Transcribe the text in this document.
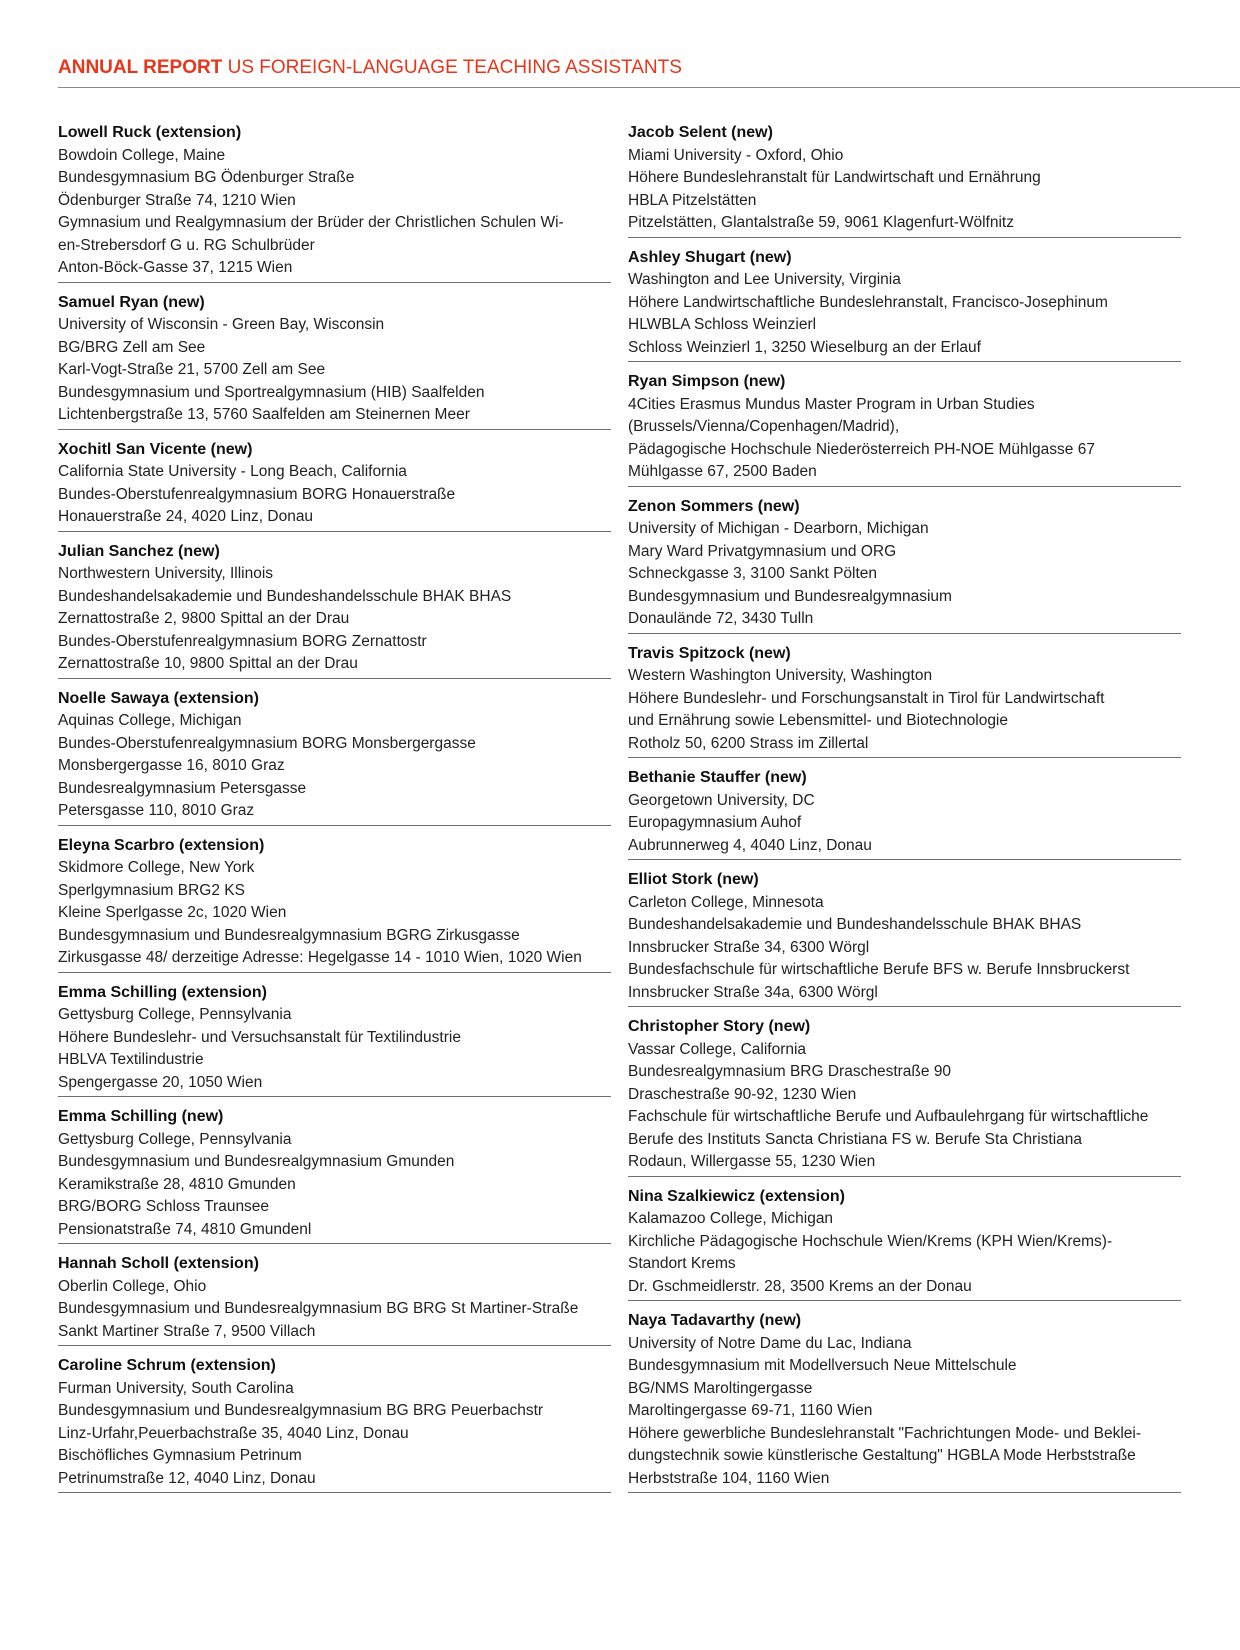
ANNUAL REPORT US FOREIGN-LANGUAGE TEACHING ASSISTANTS
Lowell Ruck (extension)
Bowdoin College, Maine
Bundesgymnasium BG Ödenburger Straße
Ödenburger Straße 74, 1210 Wien
Gymnasium und Realgymnasium der Brüder der Christlichen Schulen Wi-
en-Strebersdorf G u. RG Schulbrüder
Anton-Böck-Gasse 37, 1215 Wien
Samuel Ryan (new)
University of Wisconsin - Green Bay, Wisconsin
BG/BRG Zell am See
Karl-Vogt-Straße 21, 5700 Zell am See
Bundesgymnasium und Sportrealgymnasium (HIB) Saalfelden
Lichtenbergstraße 13, 5760 Saalfelden am Steinernen Meer
Xochitl San Vicente (new)
California State University - Long Beach, California
Bundes-Oberstufenrealgymnasium BORG Honauerstraße
Honauerstraße 24, 4020 Linz, Donau
Julian Sanchez (new)
Northwestern University, Illinois
Bundeshandelsakademie und Bundeshandelsschule BHAK BHAS
Zernattostraße 2, 9800 Spittal an der Drau
Bundes-Oberstufenrealgymnasium BORG Zernattostr
Zernattostraße 10, 9800 Spittal an der Drau
Noelle Sawaya (extension)
Aquinas College, Michigan
Bundes-Oberstufenrealgymnasium BORG Monsbergergasse
Monsbergergasse 16, 8010 Graz
Bundesrealgymnasium Petersgasse
Petersgasse 110, 8010 Graz
Eleyna Scarbro (extension)
Skidmore College, New York
Sperlgymnasium BRG2 KS
Kleine Sperlgasse 2c, 1020 Wien
Bundesgymnasium und Bundesrealgymnasium BGRG Zirkusgasse
Zirkusgasse 48/ derzeitige Adresse: Hegelgasse 14 - 1010 Wien, 1020 Wien
Emma Schilling (extension)
Gettysburg College, Pennsylvania
Höhere Bundeslehr- und Versuchsanstalt für Textilindustrie
HBLVA Textilindustrie
Spengergasse 20, 1050 Wien
Emma Schilling (new)
Gettysburg College, Pennsylvania
Bundesgymnasium und Bundesrealgymnasium Gmunden
Keramikstraße 28, 4810 Gmunden
BRG/BORG Schloss Traunsee
Pensionatstraße 74, 4810 Gmundenl
Hannah Scholl (extension)
Oberlin College, Ohio
Bundesgymnasium und Bundesrealgymnasium BG BRG St Martiner-Straße
Sankt Martiner Straße 7, 9500 Villach
Caroline Schrum (extension)
Furman University, South Carolina
Bundesgymnasium und Bundesrealgymnasium BG BRG Peuerbachstr
Linz-Urfahr,Peuerbachstraße 35, 4040 Linz, Donau
Bischöfliches Gymnasium Petrinum
Petrinumstraße 12, 4040 Linz, Donau
Jacob Selent (new)
Miami University - Oxford, Ohio
Höhere Bundeslehranstalt für Landwirtschaft und Ernährung
HBLA Pitzelstätten
Pitzelstätten, Glantalstraße 59, 9061 Klagenfurt-Wölfnitz
Ashley Shugart (new)
Washington and Lee University, Virginia
Höhere Landwirtschaftliche Bundeslehranstalt, Francisco-Josephinum
HLWBLA Schloss Weinzierl
Schloss Weinzierl 1, 3250 Wieselburg an der Erlauf
Ryan Simpson (new)
4Cities Erasmus Mundus Master Program in Urban Studies
(Brussels/Vienna/Copenhagen/Madrid),
Pädagogische Hochschule Niederösterreich PH-NOE Mühlgasse 67
Mühlgasse 67, 2500 Baden
Zenon Sommers (new)
University of Michigan - Dearborn, Michigan
Mary Ward Privatgymnasium und ORG
Schneckgasse 3, 3100 Sankt Pölten
Bundesgymnasium und Bundesrealgymnasium
Donaulände 72, 3430 Tulln
Travis Spitzock (new)
Western Washington University, Washington
Höhere Bundeslehr- und Forschungsanstalt in Tirol für Landwirtschaft
und Ernährung sowie Lebensmittel- und Biotechnologie
Rotholz 50, 6200 Strass im Zillertal
Bethanie Stauffer (new)
Georgetown University, DC
Europagymnasium Auhof
Aubrunnerweg 4, 4040 Linz, Donau
Elliot Stork (new)
Carleton College, Minnesota
Bundeshandelsakademie und Bundeshandelsschule BHAK BHAS
Innsbrucker Straße 34, 6300 Wörgl
Bundesfachschule für wirtschaftliche Berufe BFS w. Berufe Innsbruckerst
Innsbrucker Straße 34a, 6300 Wörgl
Christopher Story (new)
Vassar College, California
Bundesrealgymnasium BRG Draschestraße 90
Draschestraße 90-92, 1230 Wien
Fachschule für wirtschaftliche Berufe und Aufbaulehrgang für wirtschaftliche
Berufe des Instituts Sancta Christiana FS w. Berufe Sta Christiana
Rodaun, Willergasse 55, 1230 Wien
Nina Szalkiewicz (extension)
Kalamazoo College, Michigan
Kirchliche Pädagogische Hochschule Wien/Krems (KPH Wien/Krems)-
Standort Krems
Dr. Gschmeidlerstr. 28, 3500 Krems an der Donau
Naya Tadavarthy (new)
University of Notre Dame du Lac, Indiana
Bundesgymnasium mit Modellversuch Neue Mittelschule
BG/NMS Maroltingergasse
Maroltingergasse 69-71, 1160 Wien
Höhere gewerbliche Bundeslehranstalt "Fachrichtungen Mode- und Beklei-
dungstechnik sowie künstlerische Gestaltung" HGBLA Mode Herbststraße
Herbststraße 104, 1160 Wien
